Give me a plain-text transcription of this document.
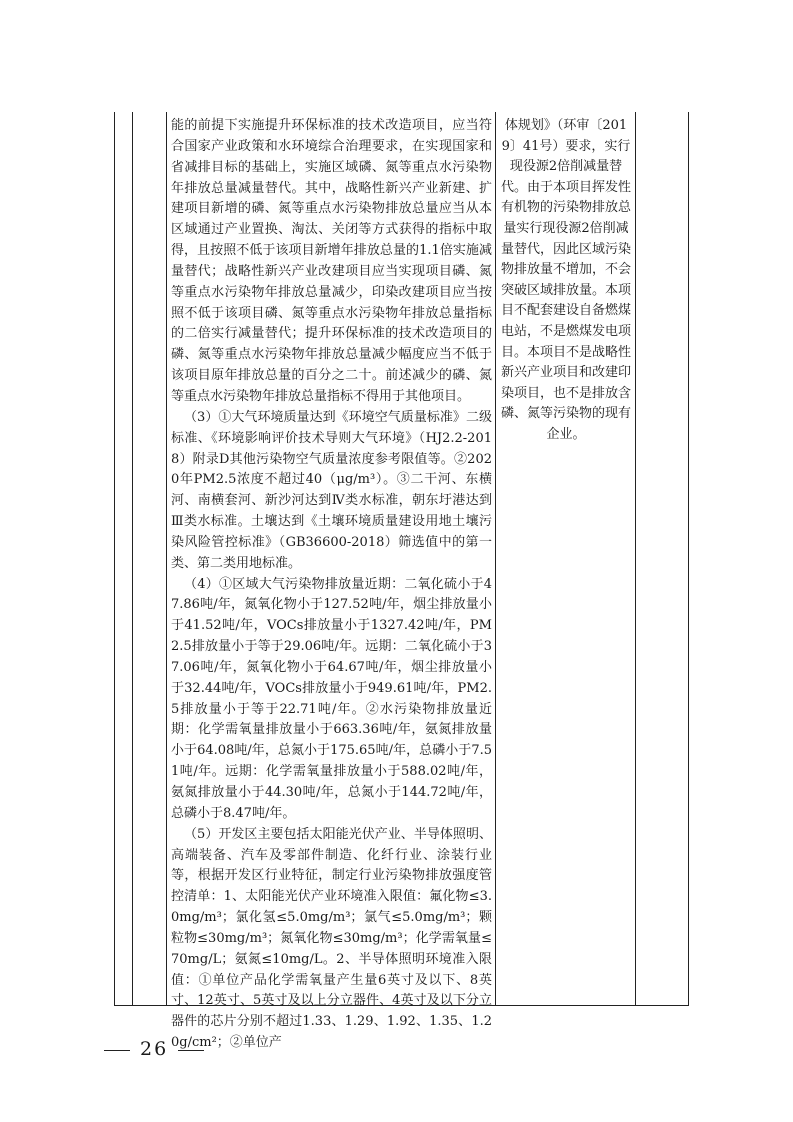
能的前提下实施提升环保标准的技术改造项目，应当符合国家产业政策和水环境综合治理要求，在实现国家和省减排目标的基础上，实施区域磷、氮等重点水污染物年排放总量减量替代。其中，战略性新兴产业新建、扩建项目新增的磷、氮等重点水污染物排放总量应当从本区域通过产业置换、淘汰、关闭等方式获得的指标中取得，且按照不低于该项目新增年排放总量的1.1倍实施减量替代；战略性新兴产业改建项目应当实现项目磷、氮等重点水污染物年排放总量减少，印染改建项目应当按照不低于该项目磷、氮等重点水污染物年排放总量指标的二倍实行减量替代；提升环保标准的技术改造项目的磷、氮等重点水污染物年排放总量减少幅度应当不低于该项目原年排放总量的百分之二十。前述减少的磷、氮等重点水污染物年排放总量指标不得用于其他项目。

（3）①大气环境质量达到《环境空气质量标准》二级标准、《环境影响评价技术导则大气环境》（HJ2.2-2018）附录D其他污染物空气质量浓度参考限值等。②2020年PM2.5浓度不超过40（μg/m³）。③二干河、东横河、南横套河、新沙河达到Ⅳ类水标准，朝东圩港达到Ⅲ类水标准。土壤达到《土壤环境质量建设用地土壤污染风险管控标准》（GB36600-2018）筛选值中的第一类、第二类用地标准。

（4）①区域大气污染物排放量近期：二氧化硫小于47.86吨/年，氮氧化物小于127.52吨/年，烟尘排放量小于41.52吨/年，VOCs排放量小于1327.42吨/年，PM2.5排放量小于等于29.06吨/年。远期：二氧化硫小于37.06吨/年，氮氧化物小于64.67吨/年，烟尘排放量小于32.44吨/年，VOCs排放量小于949.61吨/年，PM2.5排放量小于等于22.71吨/年。②水污染物排放量近期：化学需氧量排放量小于663.36吨/年，氨氮排放量小于64.08吨/年，总氮小于175.65吨/年，总磷小于7.51吨/年。远期：化学需氧量排放量小于588.02吨/年，氨氮排放量小于44.30吨/年，总氮小于144.72吨/年，总磷小于8.47吨/年。

（5）开发区主要包括太阳能光伏产业、半导体照明、高端装备、汽车及零部件制造、化纤行业、涂装行业等，根据开发区行业特征，制定行业污染物排放强度管控清单：1、太阳能光伏产业环境准入限值：氟化物≤3.0mg/m³；氯化氢≤5.0mg/m³；氯气≤5.0mg/m³；颗粒物≤30mg/m³；氮氧化物≤30mg/m³；化学需氧量≤70mg/L；氨氮≤10mg/L。2、半导体照明环境准入限值：①单位产品化学需氧量产生量6英寸及以下、8英寸、12英寸、5英寸及以上分立器件、4英寸及以下分立器件的芯片分别不超过1.33、1.29、1.92、1.35、1.20g/cm²；②单位产

体规划》（环审〔2019〕41号）要求，实行现役源2倍削减量替代。由于本项目挥发性有机物的污染物排放总量实行现役源2倍削减量替代，因此区域污染物排放量不增加，不会突破区域排放量。本项目不配套建设自备燃煤电站，不是燃煤发电项目。本项目不是战略性新兴产业项目和改建印染项目，也不是排放含磷、氮等污染物的现有企业。

26
